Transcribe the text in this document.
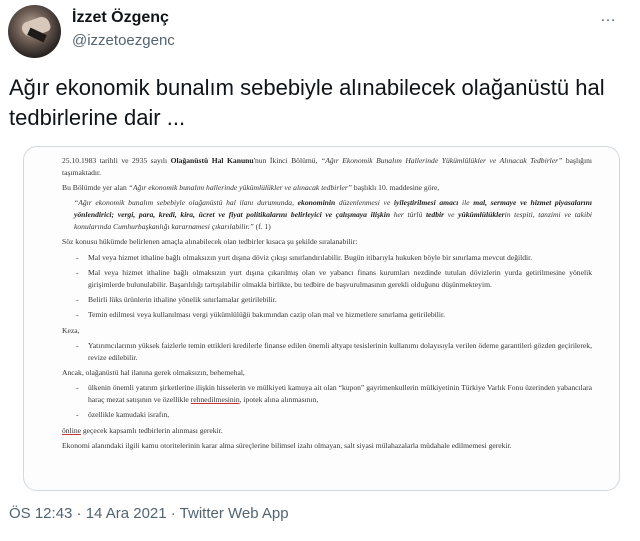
İzzet Özgenç
@izzetoezgenc
…
Ağır ekonomik bunalım sebebiyle alınabilecek olağanüstü hal tedbirlerine dair ...

25.10.1983 tarihli ve 2935 sayılı Olağanüstü Hal Kanunu'nun İkinci Bölümü, “Ağır Ekonomik Bunalım Hallerinde Yükümlülükler ve Alınacak Tedbirler” başlığını taşımaktadır.

Bu Bölümde yer alan “Ağır ekonomik bunalım hallerinde yükümlülükler ve alınacak tedbirler” başlıklı 10. maddesine göre,

“Ağır ekonomik bunalım sebebiyle olağanüstü hal ilanı durumunda, ekonominin düzenlenmesi ve iyileştirilmesi amacı ile mal, sermaye ve hizmet piyasalarını yönlendirici; vergi, para, kredi, kira, ücret ve fiyat politikalarını belirleyici ve çalışmaya ilişkin her türlü tedbir ve yükümlülüklerin tespiti, tanzimi ve takibi konularında Cumhurbaşkanlığı kararnamesi çıkarılabilir.” (f. 1)

Söz konusu hükümde belirlenen amaçla alınabilecek olan tedbirler kısaca şu şekilde sıralanabilir:

- Mal veya hizmet ithaline bağlı olmaksızın yurt dışına döviz çıkışı sınırlandırılabilir. Bugün itibarıyla hukuken böyle bir sınırlama mevcut değildir.

- Mal veya hizmet ithaline bağlı olmaksızın yurt dışına çıkarılmış olan ve yabancı finans kurumları nezdinde tutulan dövizlerin yurda getirilmesine yönelik girişimlerde bulunulabilir. Başarılılığı tartışılabilir olmakla birlikte, bu tedbire de başvurulmasının gerekli olduğunu düşünmekteyim.

- Belirli lüks ürünlerin ithaline yönelik sınırlamalar getirilebilir.

- Temin edilmesi veya kullanılması vergi yükümlülüğü bakımından cazip olan mal ve hizmetlere sınırlama getirilebilir.

Keza,

- Yatırımcılarının yüksek faizlerle temin ettikleri kredilerle finanse edilen önemli altyapı tesislerinin kullanımı dolayısıyla verilen ödeme garantileri gözden geçirilerek, revize edilebilir.

Ancak, olağanüstü hal ilanına gerek olmaksızın, behemehal,

- ülkenin önemli yatırım şirketlerine ilişkin hisselerin ve mülkiyeti kamuya ait olan “kupon” gayrimenkullerin mülkiyetinin Türkiye Varlık Fonu üzerinden yabancılara haraç mezat satışının ve özellikle rehnedilmesinin, ipotek alına alınmasının,

- özellikle kamudaki israfın,

önline geçecek kapsamlı tedbirlerin alınması gerekir.

Ekonomi alanındaki ilgili kamu otoritelerinin karar alma süreçlerine bilimsel izahı olmayan, salt siyasi mülahazalarla müdahale edilmemesi gerekir.

ÖS 12:43 · 14 Ara 2021 · Twitter Web App
